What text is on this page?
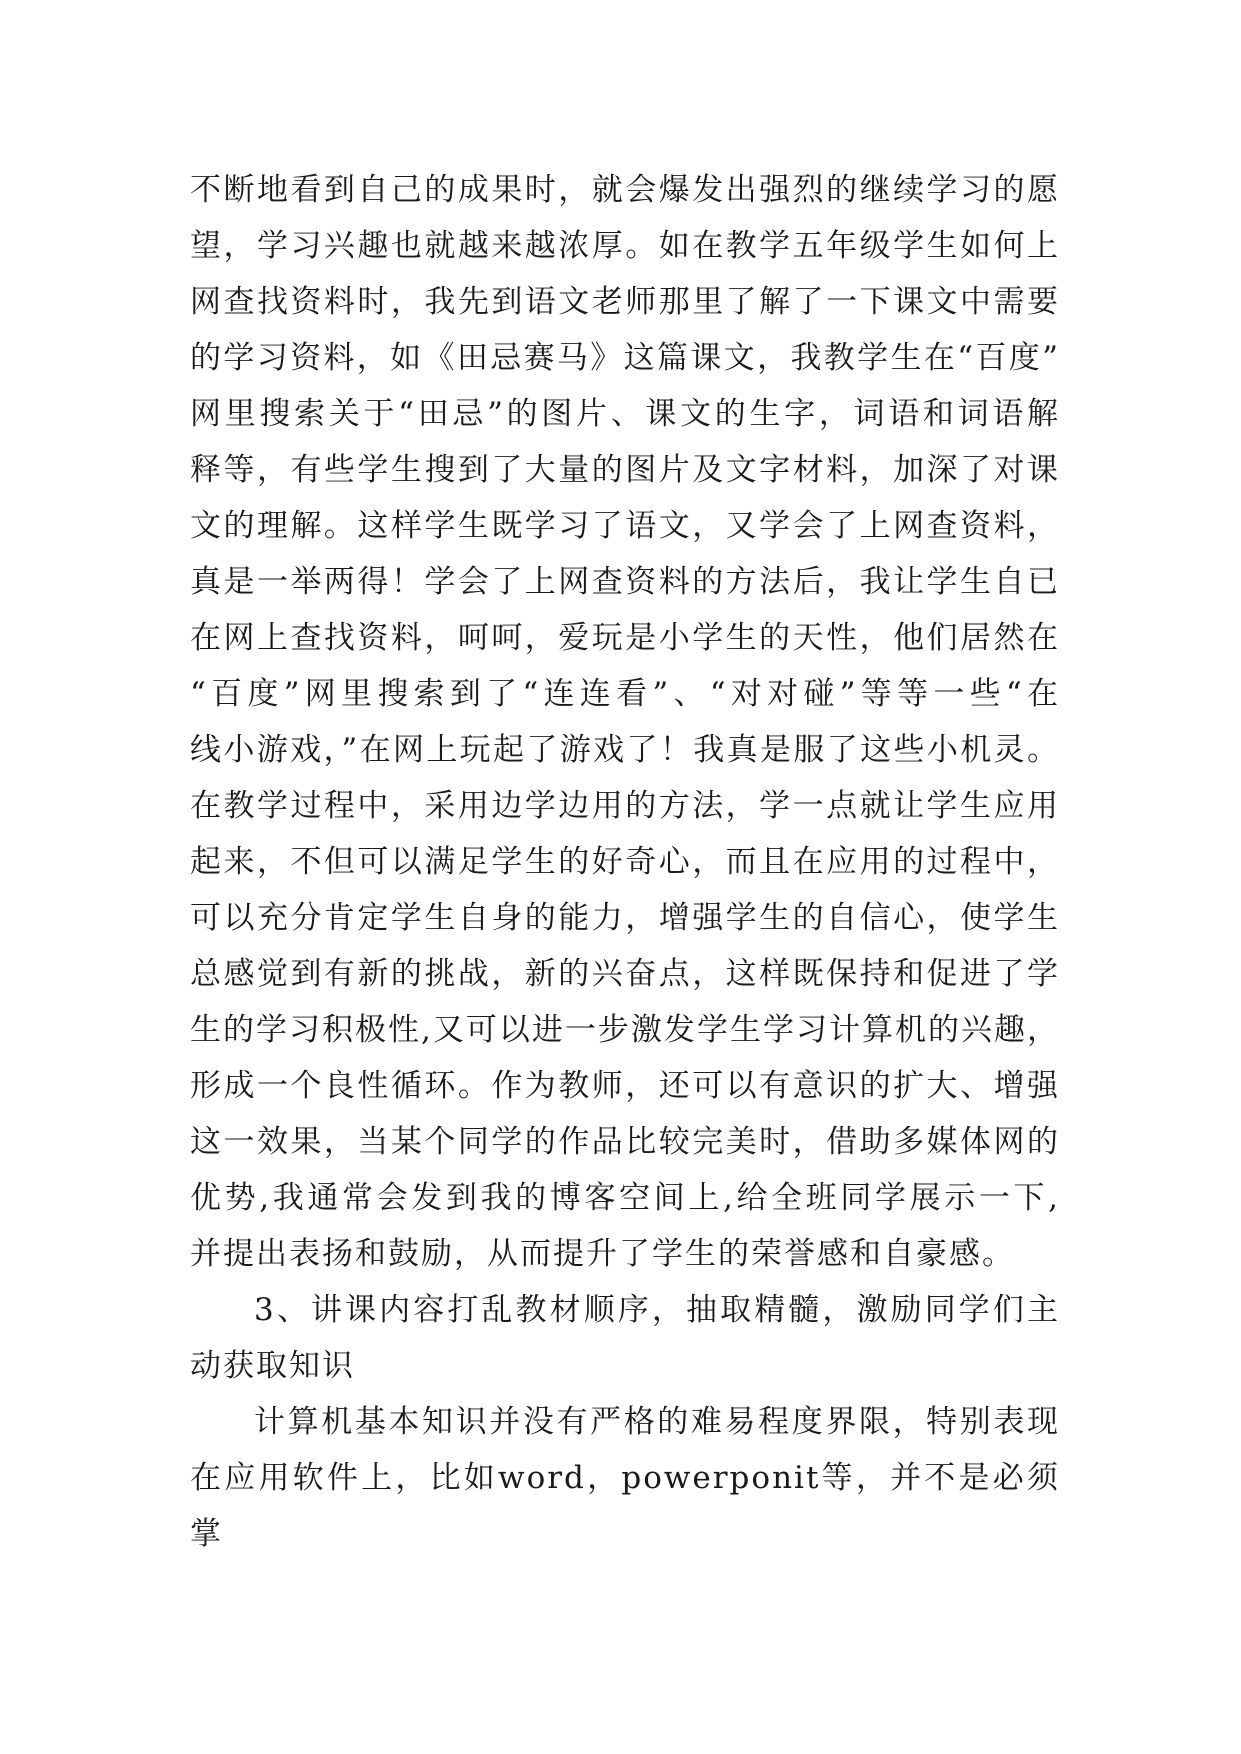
不断地看到自己的成果时，就会爆发出强烈的继续学习的愿
望，学习兴趣也就越来越浓厚。如在教学五年级学生如何上
网查找资料时，我先到语文老师那里了解了一下课文中需要
的学习资料，如《田忌赛马》这篇课文，我教学生在“百度”
网里搜索关于“田忌”的图片、课文的生字，词语和词语解
释等，有些学生搜到了大量的图片及文字材料，加深了对课
文的理解。这样学生既学习了语文，又学会了上网查资料，
真是一举两得！学会了上网查资料的方法后，我让学生自已
在网上查找资料，呵呵，爱玩是小学生的天性，他们居然在
“百度”网里搜索到了“连连看”、“对对碰”等等一些“在
线小游戏，”在网上玩起了游戏了！我真是服了这些小机灵。
在教学过程中，采用边学边用的方法，学一点就让学生应用
起来，不但可以满足学生的好奇心，而且在应用的过程中，
可以充分肯定学生自身的能力，增强学生的自信心，使学生
总感觉到有新的挑战，新的兴奋点，这样既保持和促进了学
生的学习积极性,又可以进一步激发学生学习计算机的兴趣，
形成一个良性循环。作为教师，还可以有意识的扩大、增强
这一效果，当某个同学的作品比较完美时，借助多媒体网的
优势,我通常会发到我的博客空间上,给全班同学展示一下,
并提出表扬和鼓励，从而提升了学生的荣誉感和自豪感。
3、讲课内容打乱教材顺序，抽取精髓，激励同学们主
动获取知识
计算机基本知识并没有严格的难易程度界限，特别表现
在应用软件上，比如word，powerponit等，并不是必须掌
